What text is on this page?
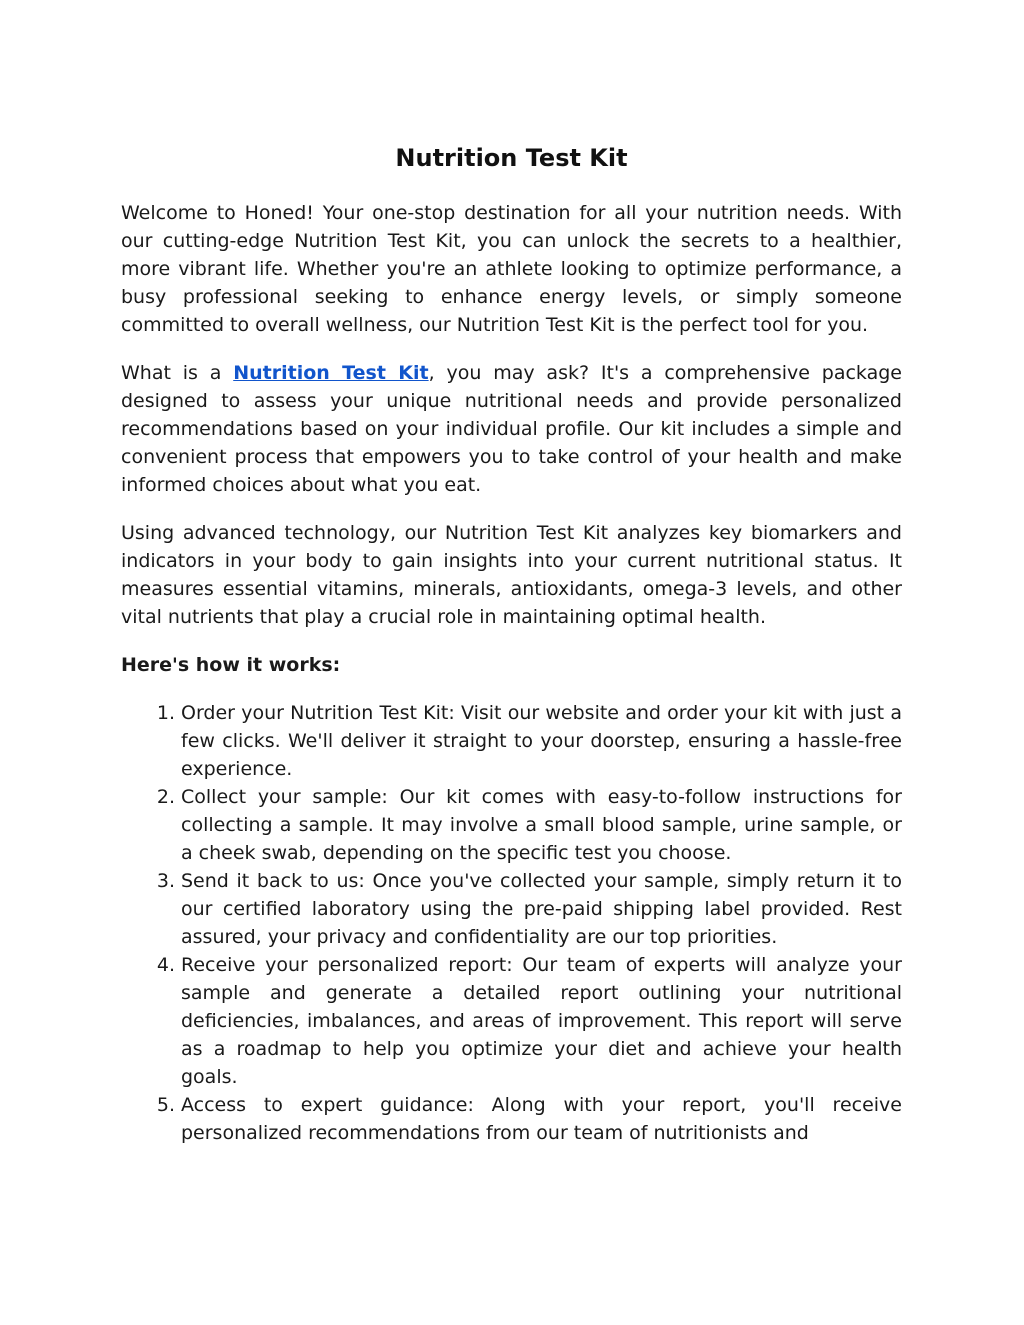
Nutrition Test Kit

Welcome to Honed! Your one-stop destination for all your nutrition needs. With our cutting-edge Nutrition Test Kit, you can unlock the secrets to a healthier, more vibrant life. Whether you're an athlete looking to optimize performance, a busy professional seeking to enhance energy levels, or simply someone committed to overall wellness, our Nutrition Test Kit is the perfect tool for you.

What is a Nutrition Test Kit, you may ask? It's a comprehensive package designed to assess your unique nutritional needs and provide personalized recommendations based on your individual profile. Our kit includes a simple and convenient process that empowers you to take control of your health and make informed choices about what you eat.

Using advanced technology, our Nutrition Test Kit analyzes key biomarkers and indicators in your body to gain insights into your current nutritional status. It measures essential vitamins, minerals, antioxidants, omega-3 levels, and other vital nutrients that play a crucial role in maintaining optimal health.

Here's how it works:
1. Order your Nutrition Test Kit: Visit our website and order your kit with just a few clicks. We'll deliver it straight to your doorstep, ensuring a hassle-free experience.
2. Collect your sample: Our kit comes with easy-to-follow instructions for collecting a sample. It may involve a small blood sample, urine sample, or a cheek swab, depending on the specific test you choose.
3. Send it back to us: Once you've collected your sample, simply return it to our certified laboratory using the pre-paid shipping label provided. Rest assured, your privacy and confidentiality are our top priorities.
4. Receive your personalized report: Our team of experts will analyze your sample and generate a detailed report outlining your nutritional deficiencies, imbalances, and areas of improvement. This report will serve as a roadmap to help you optimize your diet and achieve your health goals.
5. Access to expert guidance: Along with your report, you'll receive personalized recommendations from our team of nutritionists and
